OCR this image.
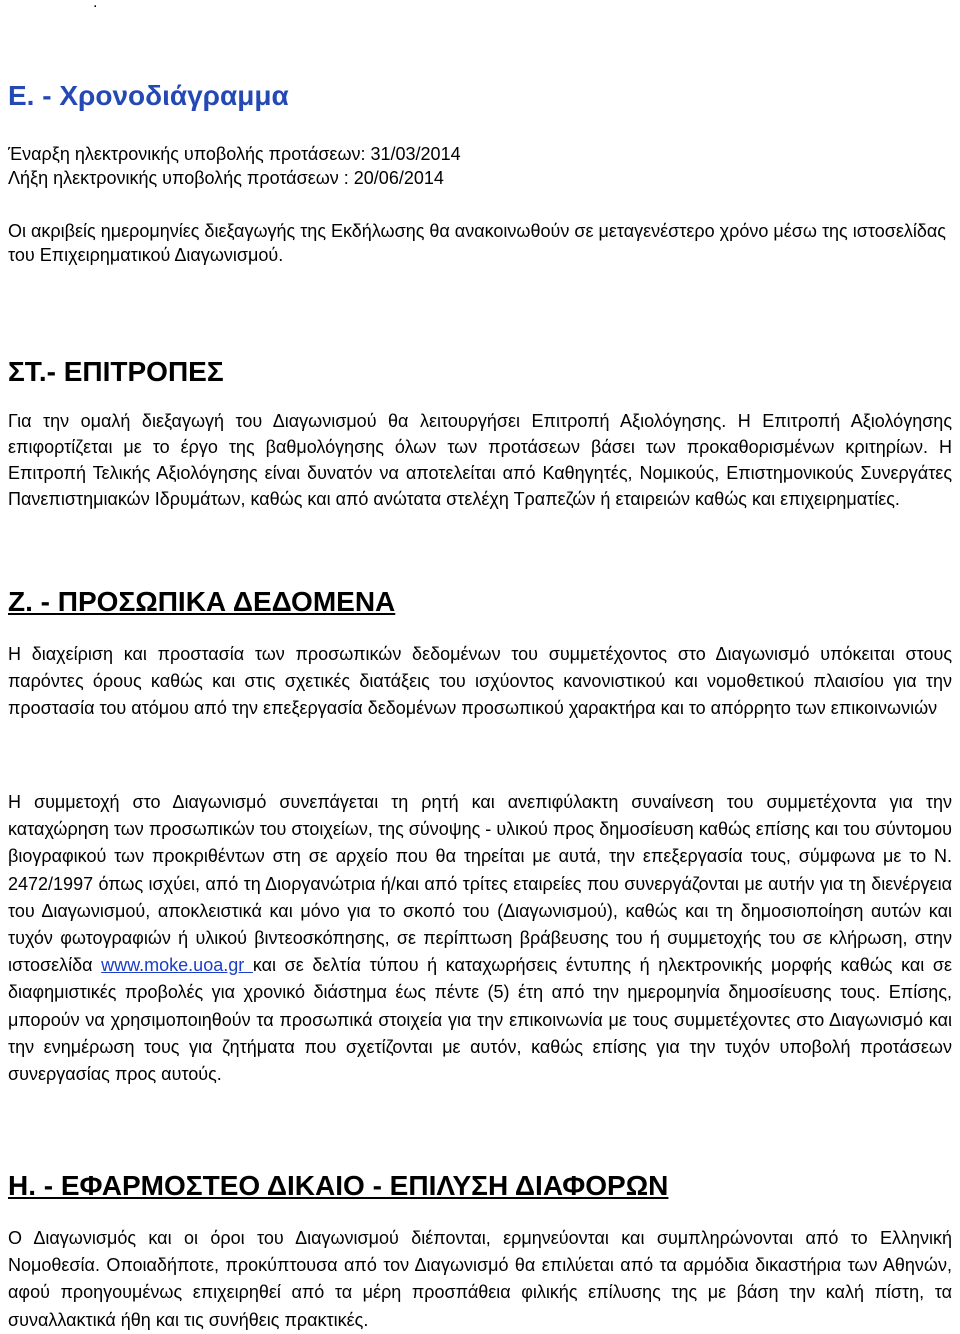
.
Ε. - Χρονοδιάγραμμα

Έναρξη ηλεκτρονικής υποβολής προτάσεων: 31/03/2014

Λήξη ηλεκτρονικής υποβολής προτάσεων : 20/06/2014

Οι ακριβείς ημερομηνίες διεξαγωγής της Εκδήλωσης θα ανακοινωθούν σε μεταγενέστερο χρόνο μέσω της ιστοσελίδας του Επιχειρηματικού Διαγωνισμού.

ΣΤ.- ΕΠΙΤΡΟΠΕΣ

Για την ομαλή διεξαγωγή του Διαγωνισμού θα λειτουργήσει Επιτροπή Αξιολόγησης. Η Επιτροπή Αξιολόγησης επιφορτίζεται με το έργο της βαθμολόγησης όλων των προτάσεων βάσει των προκαθορισμένων κριτηρίων. Η Επιτροπή Τελικής Αξιολόγησης είναι δυνατόν να αποτελείται από Καθηγητές, Νομικούς, Επιστημονικούς Συνεργάτες Πανεπιστημιακών Ιδρυμάτων, καθώς και από ανώτατα στελέχη Τραπεζών ή εταιρειών καθώς και επιχειρηματίες.

Ζ. - ΠΡΟΣΩΠΙΚΑ ΔΕΔΟΜΕΝΑ

Η διαχείριση και προστασία των προσωπικών δεδομένων του συμμετέχοντος στο Διαγωνισμό υπόκειται στους παρόντες όρους καθώς και στις σχετικές διατάξεις του ισχύοντος κανονιστικού και νομοθετικού πλαισίου για την προστασία του ατόμου από την επεξεργασία δεδομένων προσωπικού χαρακτήρα και το απόρρητο των επικοινωνιών

Η συμμετοχή στο Διαγωνισμό συνεπάγεται τη ρητή και ανεπιφύλακτη συναίνεση του συμμετέχοντα για την καταχώρηση των προσωπικών του στοιχείων, της σύνοψης - υλικού προς δημοσίευση καθώς επίσης και του σύντομου βιογραφικού των προκριθέντων στη σε αρχείο που θα τηρείται με αυτά, την επεξεργασία τους, σύμφωνα με το Ν. 2472/1997 όπως ισχύει, από τη Διοργανώτρια ή/και από τρίτες εταιρείες που συνεργάζονται με αυτήν για τη διενέργεια του Διαγωνισμού, αποκλειστικά και μόνο για το σκοπό του (Διαγωνισμού), καθώς και τη δημοσιοποίηση αυτών και τυχόν φωτογραφιών ή υλικού βιντεοσκόπησης, σε περίπτωση βράβευσης του ή συμμετοχής του σε κλήρωση, στην ιστοσελίδα www.moke.uoa.gr και σε δελτία τύπου ή καταχωρήσεις έντυπης ή ηλεκτρονικής μορφής καθώς και σε διαφημιστικές προβολές για χρονικό διάστημα έως πέντε (5) έτη από την ημερομηνία δημοσίευσης τους. Επίσης, μπορούν να χρησιμοποιηθούν τα προσωπικά στοιχεία για την επικοινωνία με τους συμμετέχοντες στο Διαγωνισμό και την ενημέρωση τους για ζητήματα που σχετίζονται με αυτόν, καθώς επίσης για την τυχόν υποβολή προτάσεων συνεργασίας προς αυτούς.

Η. - ΕΦΑΡΜΟΣΤΕΟ ΔΙΚΑΙΟ - ΕΠΙΛΥΣΗ ΔΙΑΦΟΡΩΝ

Ο Διαγωνισμός και οι όροι του Διαγωνισμού διέπονται, ερμηνεύονται και συμπληρώνονται από το Ελληνική Νομοθεσία. Οποιαδήποτε, προκύπτουσα από τον Διαγωνισμό θα επιλύεται από τα αρμόδια δικαστήρια των Αθηνών, αφού προηγουμένως επιχειρηθεί από τα μέρη προσπάθεια φιλικής επίλυσης της με βάση την καλή πίστη, τα συναλλακτικά ήθη και τις συνήθεις πρακτικές.
